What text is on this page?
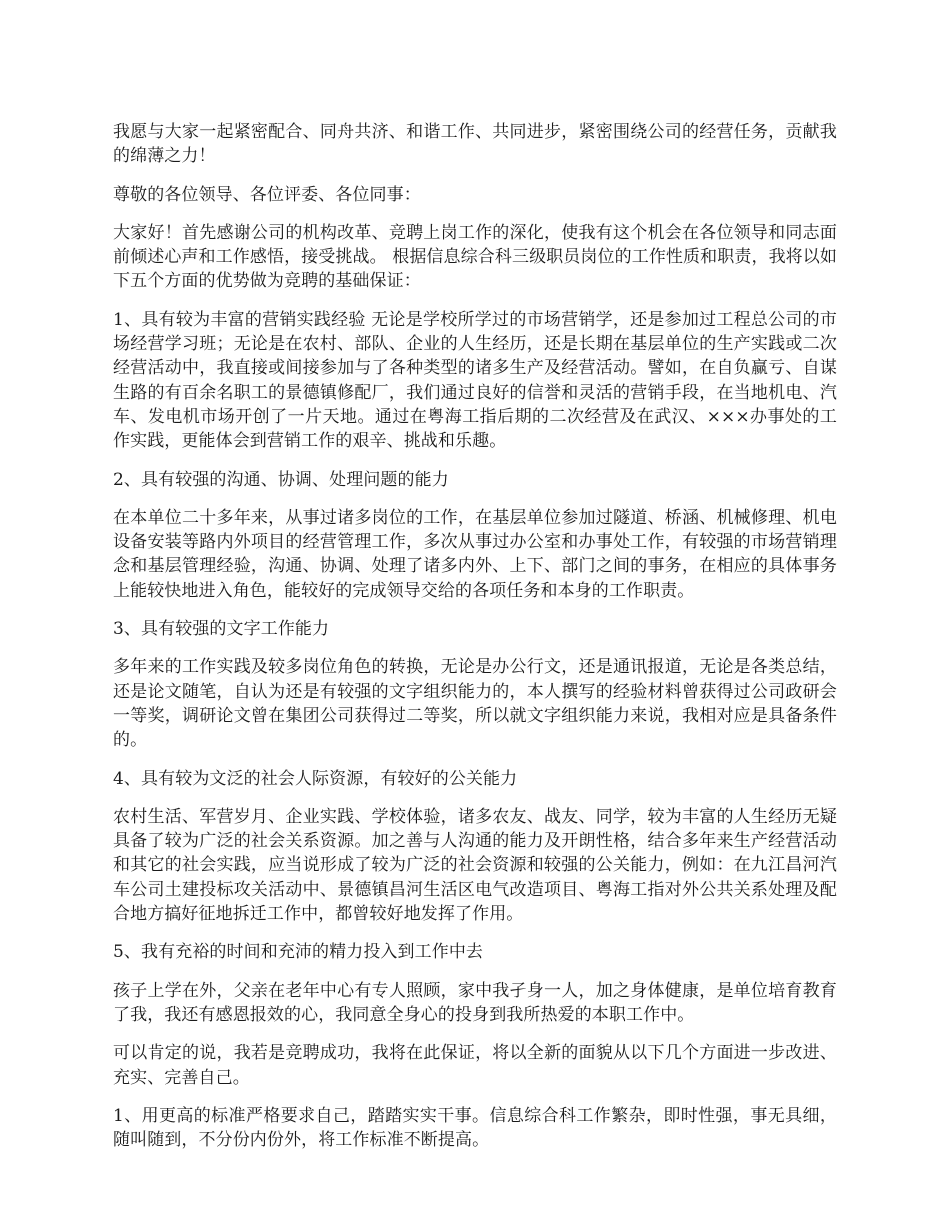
我愿与大家一起紧密配合、同舟共济、和谐工作、共同进步，紧密围绕公司的经营任务，贡献我的绵薄之力！

尊敬的各位领导、各位评委、各位同事：

大家好！首先感谢公司的机构改革、竞聘上岗工作的深化，使我有这个机会在各位领导和同志面前倾述心声和工作感悟，接受挑战。 根据信息综合科三级职员岗位的工作性质和职责，我将以如下五个方面的优势做为竞聘的基础保证：

1、具有较为丰富的营销实践经验 无论是学校所学过的市场营销学，还是参加过工程总公司的市场经营学习班；无论是在农村、部队、企业的人生经历，还是长期在基层单位的生产实践或二次经营活动中，我直接或间接参加与了各种类型的诸多生产及经营活动。譬如，在自负赢亏、自谋生路的有百余名职工的景德镇修配厂，我们通过良好的信誉和灵活的营销手段，在当地机电、汽车、发电机市场开创了一片天地。通过在粤海工指后期的二次经营及在武汉、×××办事处的工作实践，更能体会到营销工作的艰辛、挑战和乐趣。

2、具有较强的沟通、协调、处理问题的能力

在本单位二十多年来，从事过诸多岗位的工作，在基层单位参加过隧道、桥涵、机械修理、机电设备安装等路内外项目的经营管理工作，多次从事过办公室和办事处工作，有较强的市场营销理念和基层管理经验，沟通、协调、处理了诸多内外、上下、部门之间的事务，在相应的具体事务上能较快地进入角色，能较好的完成领导交给的各项任务和本身的工作职责。

3、具有较强的文字工作能力

多年来的工作实践及较多岗位角色的转换，无论是办公行文，还是通讯报道，无论是各类总结，还是论文随笔，自认为还是有较强的文字组织能力的，本人撰写的经验材料曾获得过公司政研会一等奖，调研论文曾在集团公司获得过二等奖，所以就文字组织能力来说，我相对应是具备条件的。

4、具有较为文泛的社会人际资源，有较好的公关能力

农村生活、军营岁月、企业实践、学校体验，诸多农友、战友、同学，较为丰富的人生经历无疑具备了较为广泛的社会关系资源。加之善与人沟通的能力及开朗性格，结合多年来生产经营活动和其它的社会实践，应当说形成了较为广泛的社会资源和较强的公关能力，例如：在九江昌河汽车公司土建投标攻关活动中、景德镇昌河生活区电气改造项目、粤海工指对外公共关系处理及配合地方搞好征地拆迁工作中，都曾较好地发挥了作用。

5、我有充裕的时间和充沛的精力投入到工作中去

孩子上学在外，父亲在老年中心有专人照顾，家中我孑身一人，加之身体健康，是单位培育教育了我，我还有感恩报效的心，我同意全身心的投身到我所热爱的本职工作中。

可以肯定的说，我若是竞聘成功，我将在此保证，将以全新的面貌从以下几个方面进一步改进、充实、完善自己。

1、用更高的标准严格要求自己，踏踏实实干事。信息综合科工作繁杂，即时性强，事无具细，随叫随到，不分份内份外，将工作标准不断提高。
